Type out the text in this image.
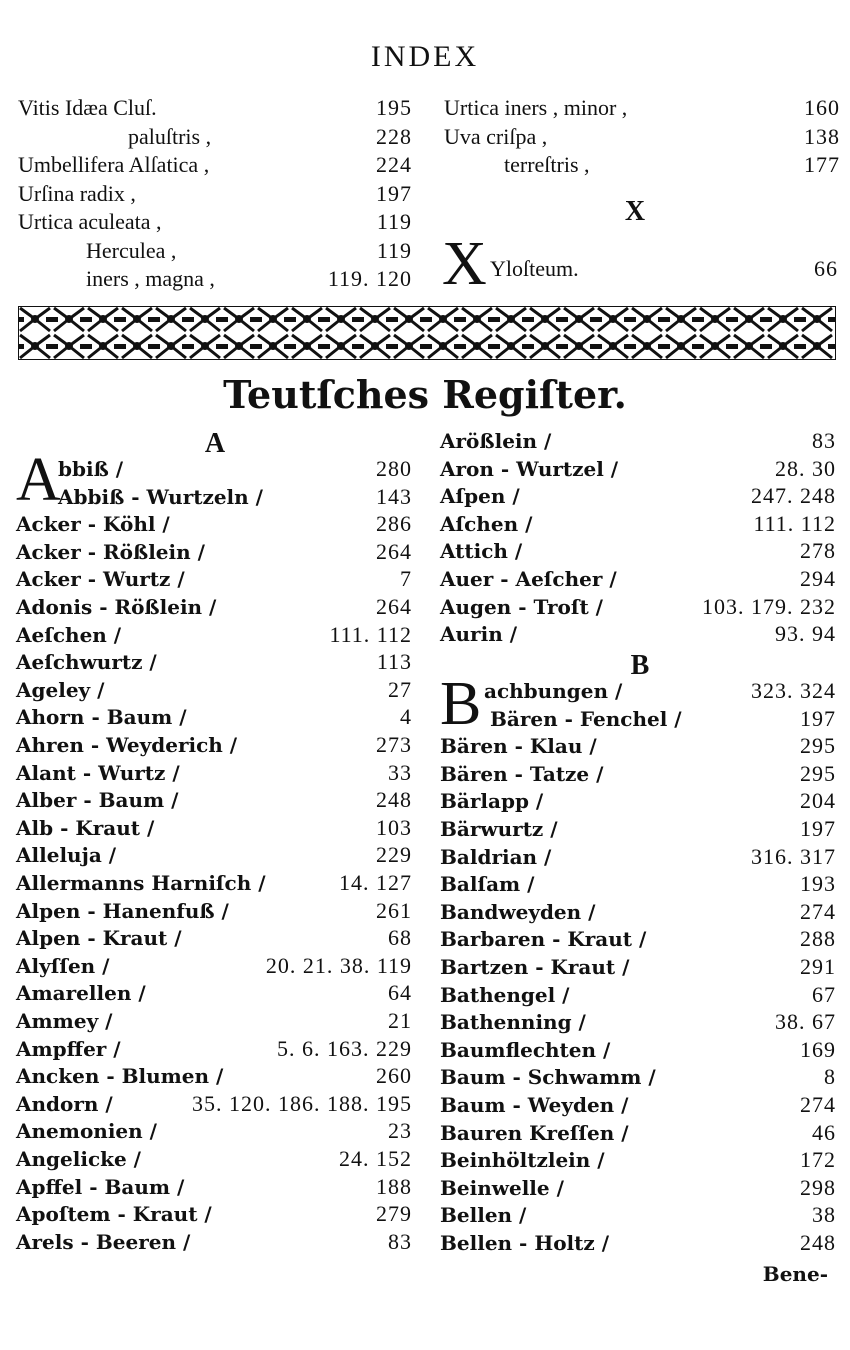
INDEX
Vitis Idæa Cluſ.	195
paluſtris ,	228
Umbellifera Alſatica ,	224
Urſina radix ,	197
Urtica aculeata ,	119
Herculea ,	119
iners , magna ,	119. 120
Urtica iners , minor ,	160
Uva criſpa ,	138
terreſtris ,	177
X
X Yloſteum.	66
Teutſches Regiſter.
A
A
bbiß /	280
Abbiß - Wurtzeln /	143
Acker - Köhl /	286
Acker - Rößlein /	264
Acker - Wurtz /	7
Adonis - Rößlein /	264
Aeſchen /	111. 112
Aeſchwurtz /	113
Ageley /	27
Ahorn - Baum /	4
Ahren - Weyderich /	273
Alant - Wurtz /	33
Alber - Baum /	248
Alb - Kraut /	103
Alleluja /	229
Allermanns Harniſch /	14. 127
Alpen - Hanenfuß /	261
Alpen - Kraut /	68
Alyſſen /	20. 21. 38. 119
Amarellen /	64
Ammey /	21
Ampffer /	5. 6. 163. 229
Ancken - Blumen /	260
Andorn /	35. 120. 186. 188. 195
Anemonien /	23
Angelicke /	24. 152
Apffel - Baum /	188
Apoſtem - Kraut /	279
Arels - Beeren /	83
Arößlein /	83
Aron - Wurtzel /	28. 30
Aſpen /	247. 248
Aſchen /	111. 112
Attich /	278
Auer - Aeſcher /	294
Augen - Troſt /	103. 179. 232
Aurin /	93. 94
B
B achbungen /	323. 324
Bären - Fenchel /	197
Bären - Klau /	295
Bären - Tatze /	295
Bärlapp /	204
Bärwurtz /	197
Baldrian /	316. 317
Balſam /	193
Bandweyden /	274
Barbaren - Kraut /	288
Bartzen - Kraut /	291
Bathengel /	67
Bathenning /	38. 67
Baumflechten /	169
Baum - Schwamm /	8
Baum - Weyden /	274
Bauren Kreſſen /	46
Beinhöltzlein /	172
Beinwelle /	298
Bellen /	38
Bellen - Holtz /	248
Bene-
